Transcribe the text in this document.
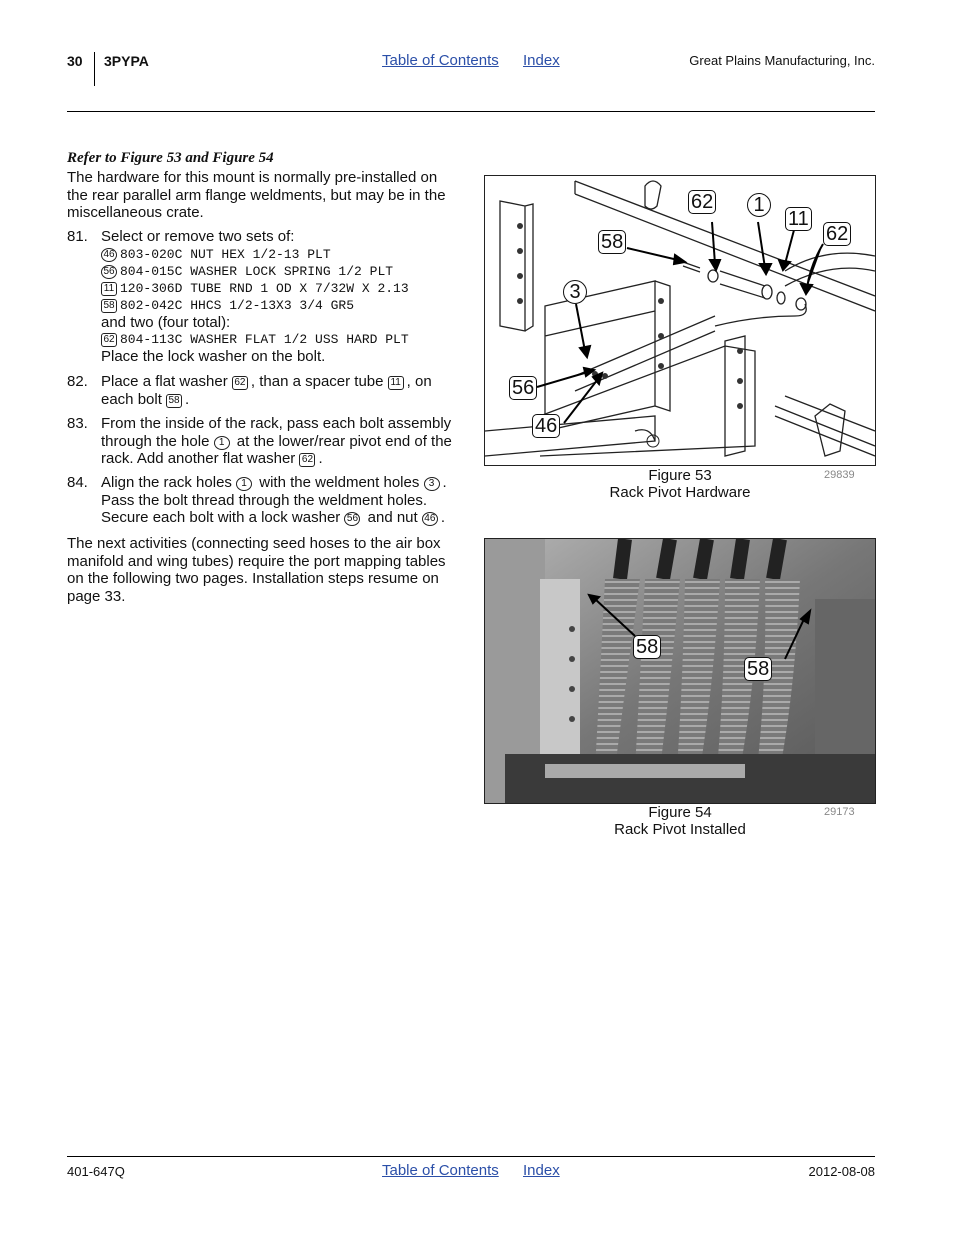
30 3PYPA	Table of Contents Index	Great Plains Manufacturing, Inc.
Refer to Figure 53 and Figure 54
The hardware for this mount is normally pre-installed on the rear parallel arm flange weldments, but may be in the miscellaneous crate.
81. Select or remove two sets of:
46 803-020C NUT HEX 1/2-13 PLT
56 804-015C WASHER LOCK SPRING 1/2 PLT
11 120-306D TUBE RND 1 OD X 7/32W X 2.13
58 802-042C HHCS 1/2-13X3 3/4 GR5
and two (four total):
62 804-113C WASHER FLAT 1/2 USS HARD PLT
Place the lock washer on the bolt.
82. Place a flat washer 62 , than a spacer tube 11 , on each bolt 58 .
83. From the inside of the rack, pass each bolt assembly through the hole 1 at the lower/rear pivot end of the rack. Add another flat washer 62 .
84. Align the rack holes 1 with the weldment holes 3 . Pass the bolt thread through the weldment holes. Secure each bolt with a lock washer 56 and nut 46 .
The next activities (connecting seed hoses to the air box manifold and wing tubes) require the port mapping tables on the following two pages. Installation steps resume on page 33.
62	1
11
62
58
3
56
46
Figure 53
Rack Pivot Hardware
29839
58
58
Figure 54
Rack Pivot Installed
29173
401-647Q	Table of Contents Index	2012-08-08
